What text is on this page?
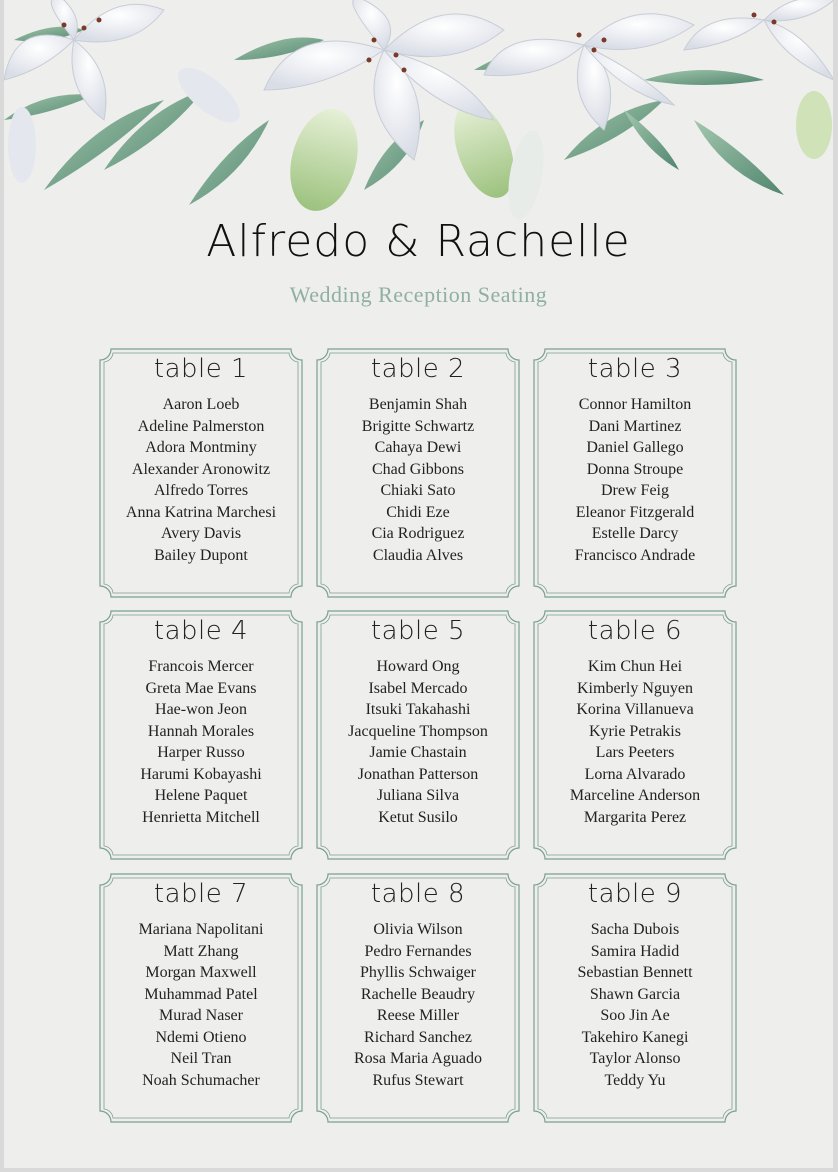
Alfredo & Rachelle
Wedding Reception Seating
table 1
Aaron Loeb
Adeline Palmerston
Adora Montminy
Alexander Aronowitz
Alfredo Torres
Anna Katrina Marchesi
Avery Davis
Bailey Dupont
table 2
Benjamin Shah
Brigitte Schwartz
Cahaya Dewi
Chad Gibbons
Chiaki Sato
Chidi Eze
Cia Rodriguez
Claudia Alves
table 3
Connor Hamilton
Dani Martinez
Daniel Gallego
Donna Stroupe
Drew Feig
Eleanor Fitzgerald
Estelle Darcy
Francisco Andrade
table 4
Francois Mercer
Greta Mae Evans
Hae-won Jeon
Hannah Morales
Harper Russo
Harumi Kobayashi
Helene Paquet
Henrietta Mitchell
table 5
Howard Ong
Isabel Mercado
Itsuki Takahashi
Jacqueline Thompson
Jamie Chastain
Jonathan Patterson
Juliana Silva
Ketut Susilo
table 6
Kim Chun Hei
Kimberly Nguyen
Korina Villanueva
Kyrie Petrakis
Lars Peeters
Lorna Alvarado
Marceline Anderson
Margarita Perez
table 7
Mariana Napolitani
Matt Zhang
Morgan Maxwell
Muhammad Patel
Murad Naser
Ndemi Otieno
Neil Tran
Noah Schumacher
table 8
Olivia Wilson
Pedro Fernandes
Phyllis Schwaiger
Rachelle Beaudry
Reese Miller
Richard Sanchez
Rosa Maria Aguado
Rufus Stewart
table 9
Sacha Dubois
Samira Hadid
Sebastian Bennett
Shawn Garcia
Soo Jin Ae
Takehiro Kanegi
Taylor Alonso
Teddy Yu
